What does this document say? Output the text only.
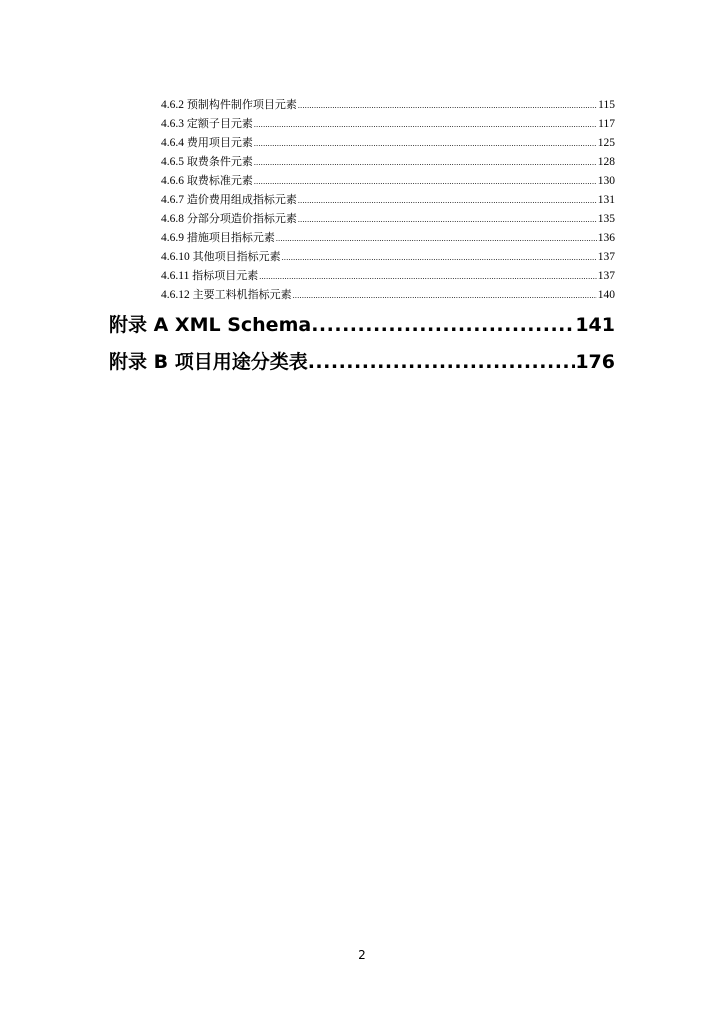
4.6.2 预制构件制作项目元素 .....	115
4.6.3 定额子目元素 .....	117
4.6.4 费用项目元素 .....	125
4.6.5 取费条件元素 .....	128
4.6.6 取费标准元素 .....	130
4.6.7 造价费用组成指标元素 .....	131
4.6.8 分部分项造价指标元素 .....	135
4.6.9 措施项目指标元素 .....	136
4.6.10 其他项目指标元素 .....	137
4.6.11 指标项目元素 .....	137
4.6.12 主要工料机指标元素 .....	140
附录 A XML Schema .....	141
附录 B 项目用途分类表 .....	176
2
